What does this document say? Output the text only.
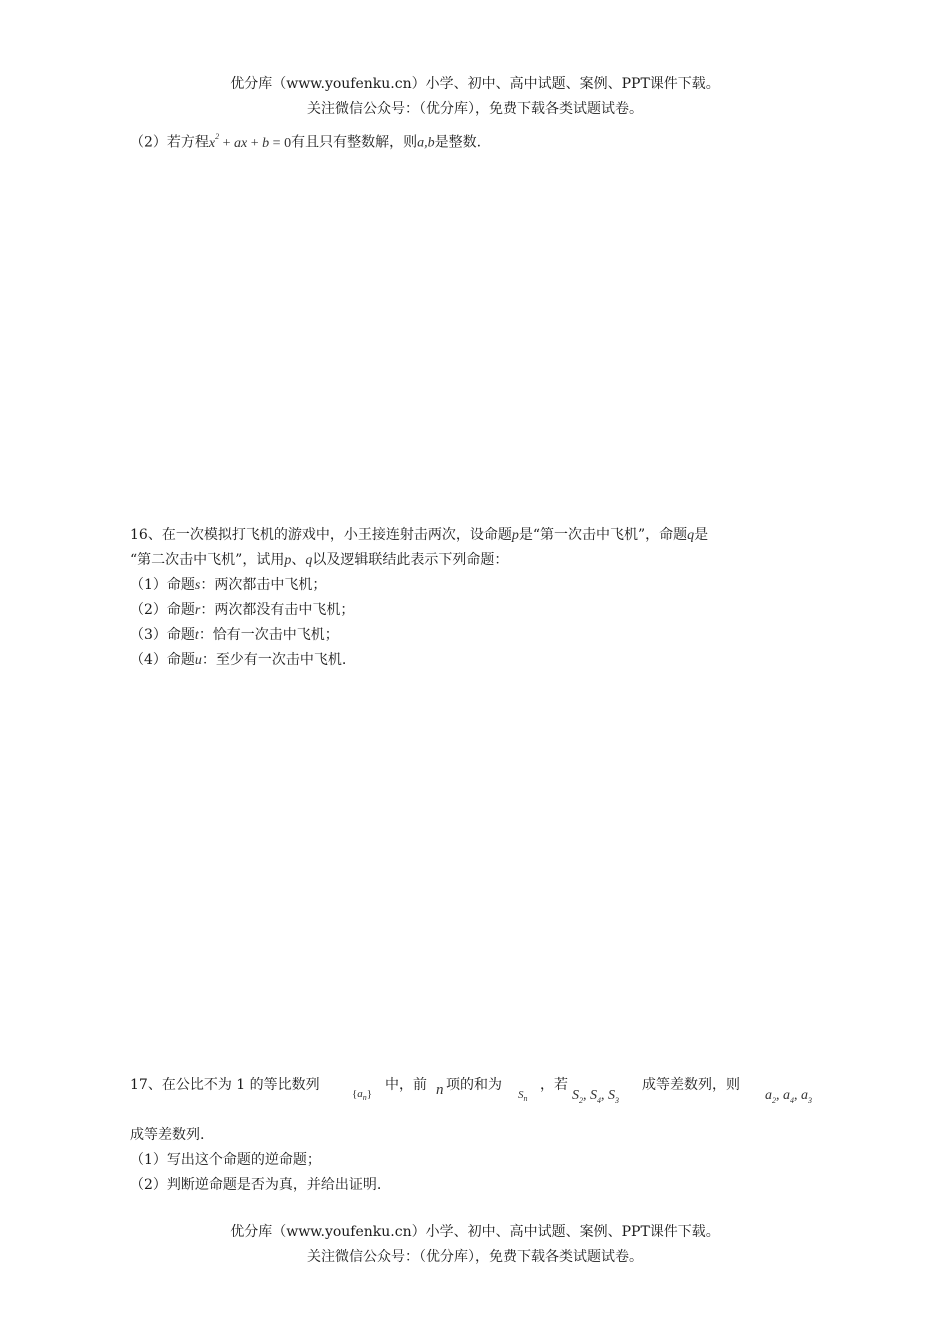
优分库（www.youfenku.cn）小学、初中、高中试题、案例、PPT课件下载。
关注微信公众号：（优分库），免费下载各类试题试卷。
（2）若方程$x^2$ + ax + b = 0有且只有整数解，则a,b是整数.
16、在一次模拟打飞机的游戏中，小王接连射击两次，设命题p是“第一次击中飞机”，命题q是
“第二次击中飞机”，试用p、q以及逻辑联结此表示下列命题：
（1）命题s：两次都击中飞机；
（2）命题r：两次都没有击中飞机；
（3）命题t：恰有一次击中飞机；
（4）命题u：至少有一次击中飞机.
17、在公比不为 1 的等比数列
$\{a_n\}$
中，前 n 项的和为
$S_n$
，若
$S_2$, $S_4$, $S_3$
成等差数列，则
$a_2$, $a_4$, $a_3$
成等差数列.
（1）写出这个命题的逆命题；
（2）判断逆命题是否为真，并给出证明.
优分库（www.youfenku.cn）小学、初中、高中试题、案例、PPT课件下载。
关注微信公众号：（优分库），免费下载各类试题试卷。
